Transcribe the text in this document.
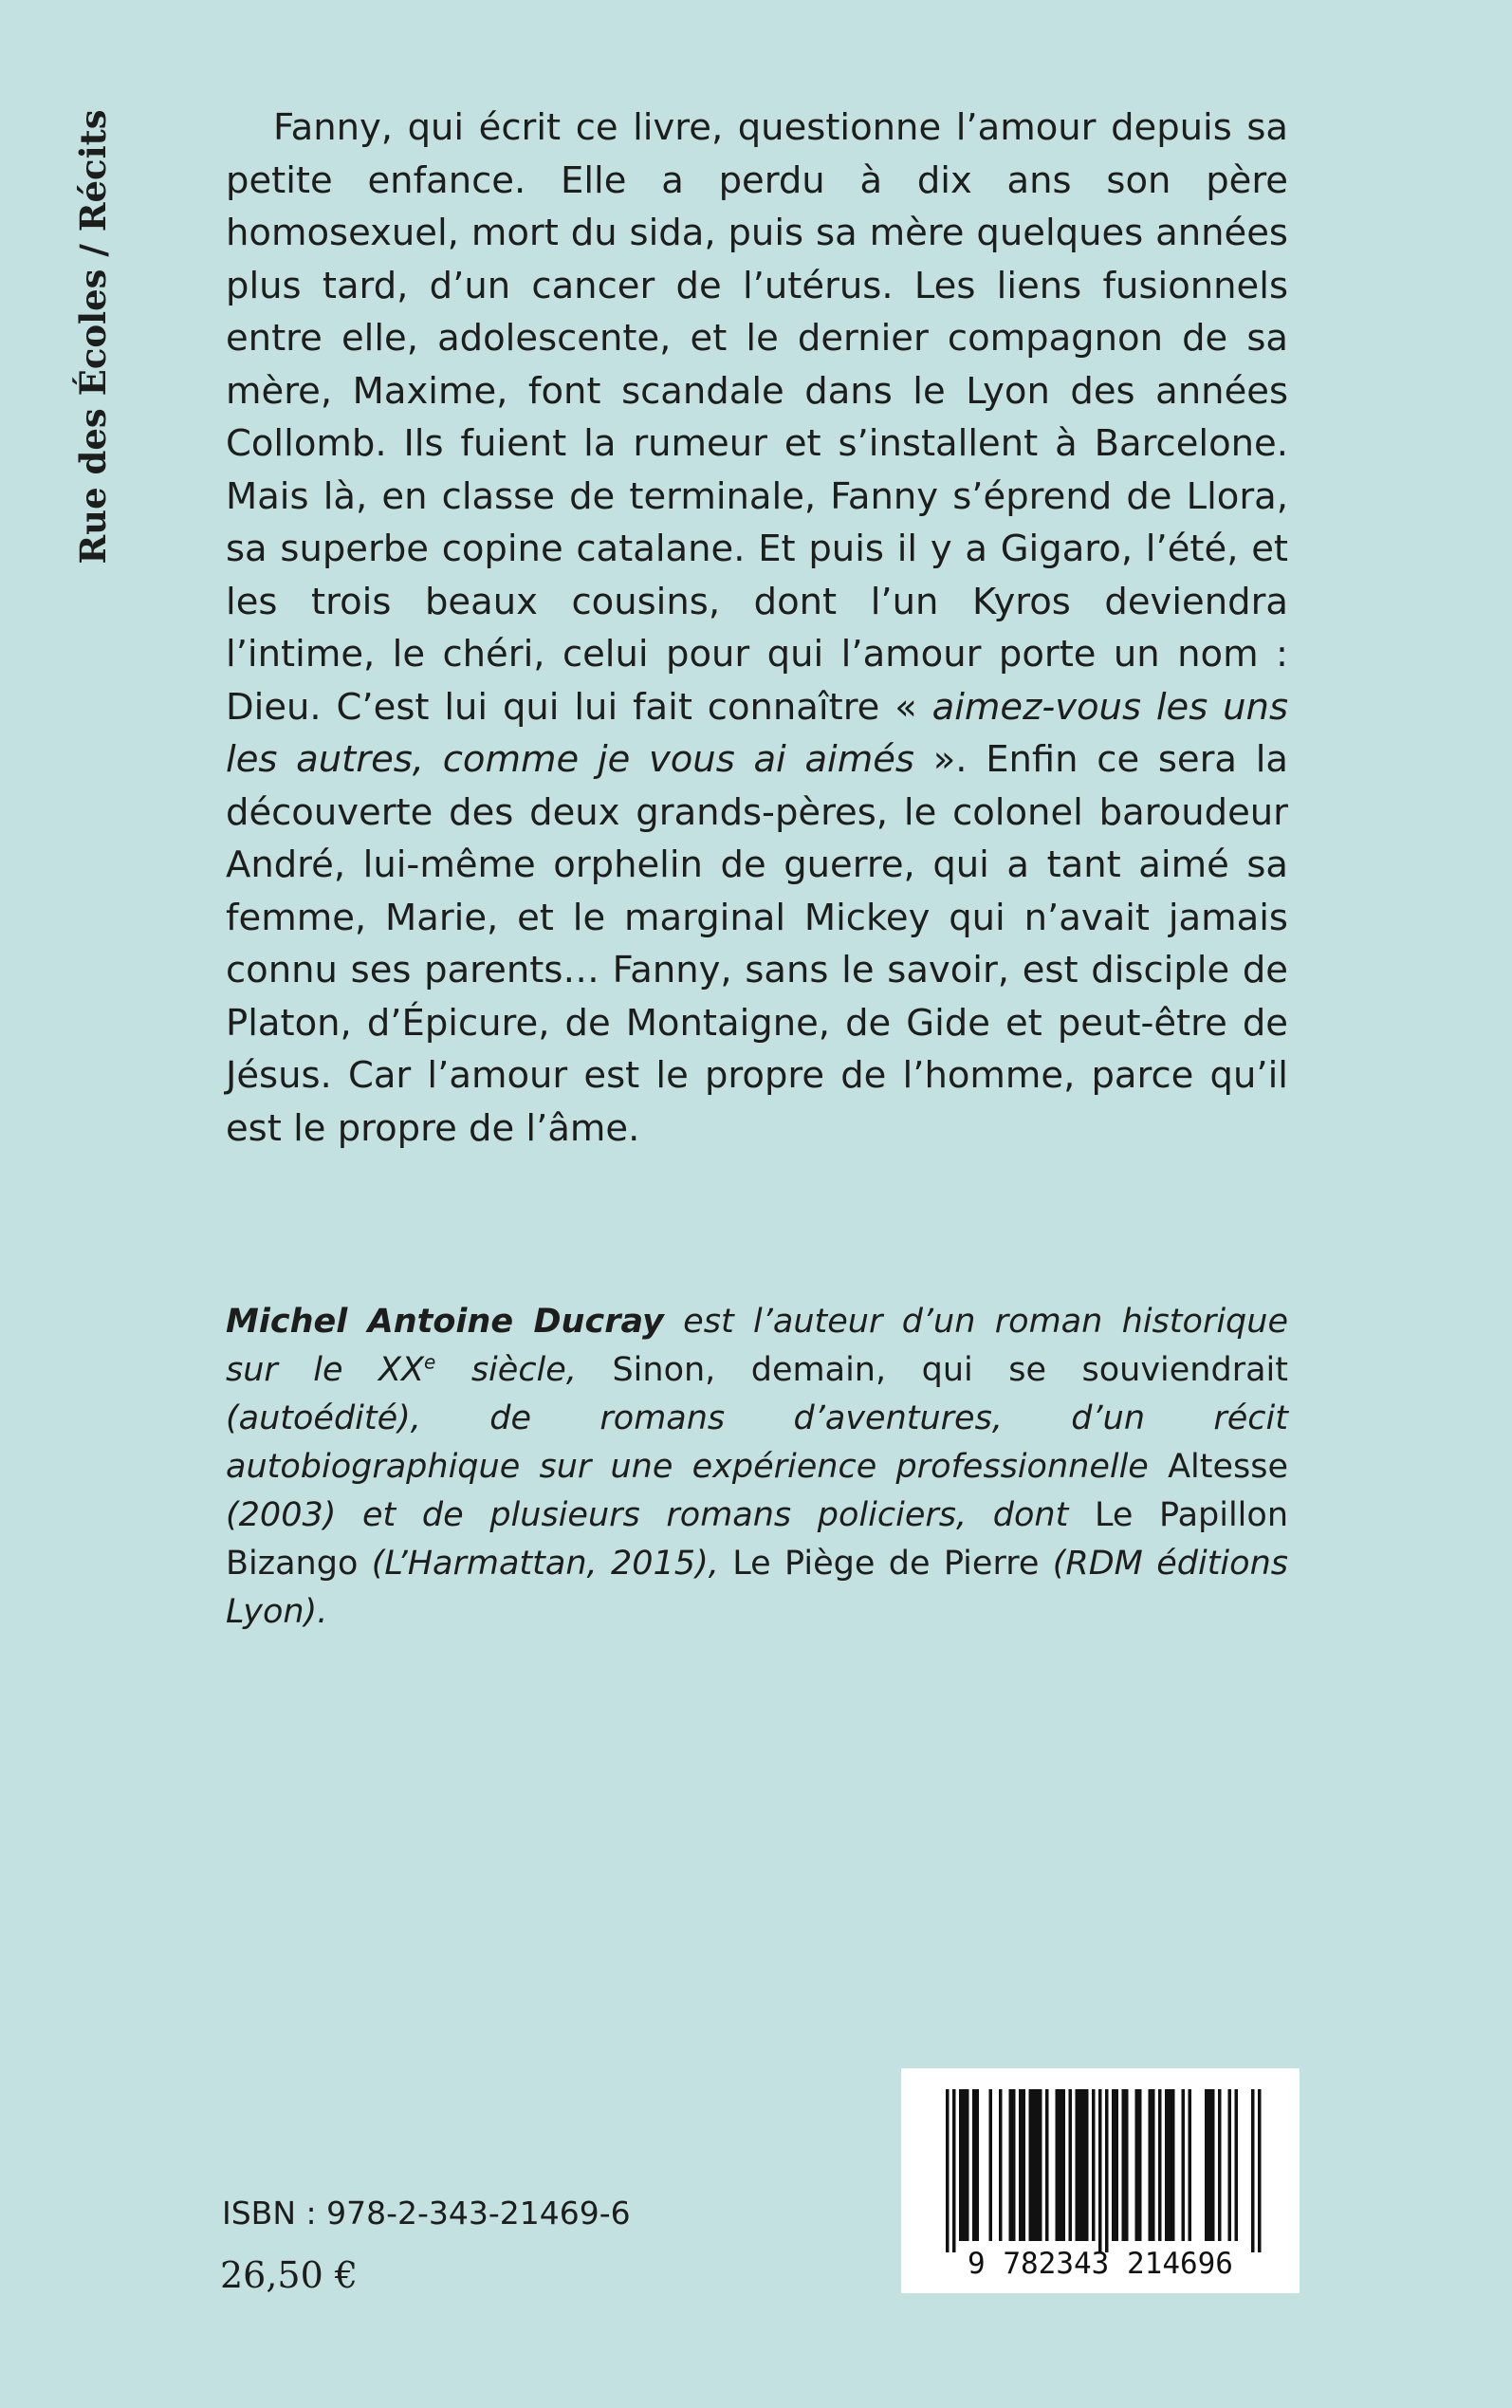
Rue des Écoles / Récits	Fanny, qui écrit ce livre, questionne l’amour depuis sa petite enfance. Elle a perdu à dix ans son père homosexuel, mort du sida, puis sa mère quelques années plus tard, d’un cancer de l’utérus. Les liens fusionnels entre elle, adolescente, et le dernier compagnon de sa mère, Maxime, font scandale dans le Lyon des années Collomb. Ils fuient la rumeur et s’installent à Barcelone. Mais là, en classe de terminale, Fanny s’éprend de Llora, sa superbe copine catalane. Et puis il y a Gigaro, l’été, et les trois beaux cousins, dont l’un Kyros deviendra l’intime, le chéri, celui pour qui l’amour porte un nom : Dieu. C’est lui qui lui fait connaître « aimez-vous les uns les autres, comme je vous ai aimés ». Enfin ce sera la découverte des deux grands-pères, le colonel baroudeur André, lui-même orphelin de guerre, qui a tant aimé sa femme, Marie, et le marginal Mickey qui n’avait jamais connu ses parents… Fanny, sans le savoir, est disciple de Platon, d’Épicure, de Montaigne, de Gide et peut-être de Jésus. Car l’amour est le propre de l’homme, parce qu’il est le propre de l’âme.

Michel Antoine Ducray est l’auteur d’un roman historique sur le XXe siècle, Sinon, demain, qui se souviendrait (autoédité), de romans d’aventures, d’un récit autobiographique sur une expérience professionnelle Altesse (2003) et de plusieurs romans policiers, dont Le Papillon Bizango (L’Harmattan, 2015), Le Piège de Pierre (RDM éditions Lyon).

ISBN : 978-2-343-21469-6
26,50 €	9 782343 214696
